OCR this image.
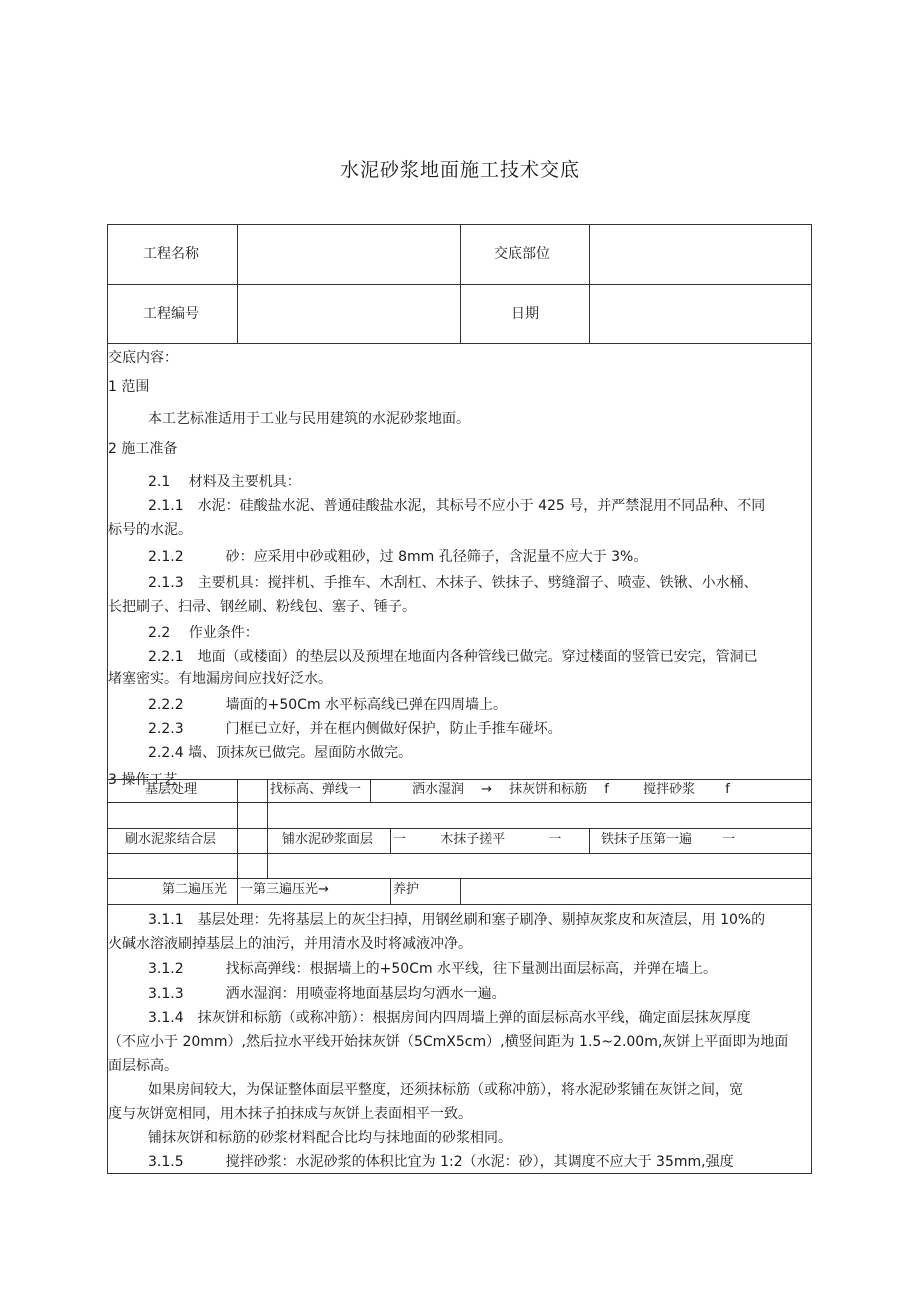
水泥砂浆地面施工技术交底
工程名称	交底部位
工程编号	日期
交底内容：
1 范围
本工艺标准适用于工业与民用建筑的水泥砂浆地面。
2 施工准备
2.1　 材料及主要机具：
2.1.1　水泥：硅酸盐水泥、普通硅酸盐水泥，其标号不应小于 425 号，并严禁混用不同品种、不同
标号的水泥。
2.1.2　　　砂：应采用中砂或粗砂，过 8mm 孔径筛子，含泥量不应大于 3%。
2.1.3　主要机具：搅拌机、手推车、木刮杠、木抹子、铁抹子、劈缝溜子、喷壶、铁锹、小水桶、
长把刷子、扫帚、钢丝刷、粉线包、塞子、锤子。
2.2　 作业条件：
2.2.1　地面（或楼面）的垫层以及预埋在地面内各种管线已做完。穿过楼面的竖管已安完，管洞已
堵塞密实。有地漏房间应找好泛水。
2.2.2　　　墙面的+50Cm 水平标高线已弹在四周墙上。
2.2.3　　　门框已立好，并在框内侧做好保护，防止手推车碰坏。
2.2.4 墙、顶抹灰已做完。屋面防水做完。
3 操作工艺
基层处理	找标高、弹线一	洒水湿润　 →　 抹灰饼和标筋　 f　 　 搅拌砂浆　　 f
刷水泥浆结合层	铺水泥砂浆面层 一　 　 木抹子搓平　　　 一	铁抹子压第一遍　　 一
第二遍压光 一第三遍压光→	养护
3.1.1　基层处理：先将基层上的灰尘扫掉，用钢丝刷和塞子刷净、剔掉灰浆皮和灰渣层，用 10%的
火碱水溶液刷掉基层上的油污，并用清水及时将减液冲净。
3.1.2　　　找标高弹线：根据墙上的+50Cm 水平线，往下量测出面层标高，并弹在墙上。
3.1.3　　　洒水湿润：用喷壶将地面基层均匀洒水一遍。
3.1.4　抹灰饼和标筋（或称冲筋）：根据房间内四周墙上弹的面层标高水平线，确定面层抹灰厚度
（不应小于 20mm）,然后拉水平线开始抹灰饼（5CmX5cm）,横竖间距为 1.5~2.00m,灰饼上平面即为地面
面层标高。
如果房间较大，为保证整体面层平整度，还须抹标筋（或称冲筋），将水泥砂浆铺在灰饼之间，宽
度与灰饼宽相同，用木抹子拍抹成与灰饼上表面相平一致。
铺抹灰饼和标筋的砂浆材料配合比均与抹地面的砂浆相同。
3.1.5　　　搅拌砂浆：水泥砂浆的体积比宜为 1:2（水泥：砂），其调度不应大于 35mm,强度
